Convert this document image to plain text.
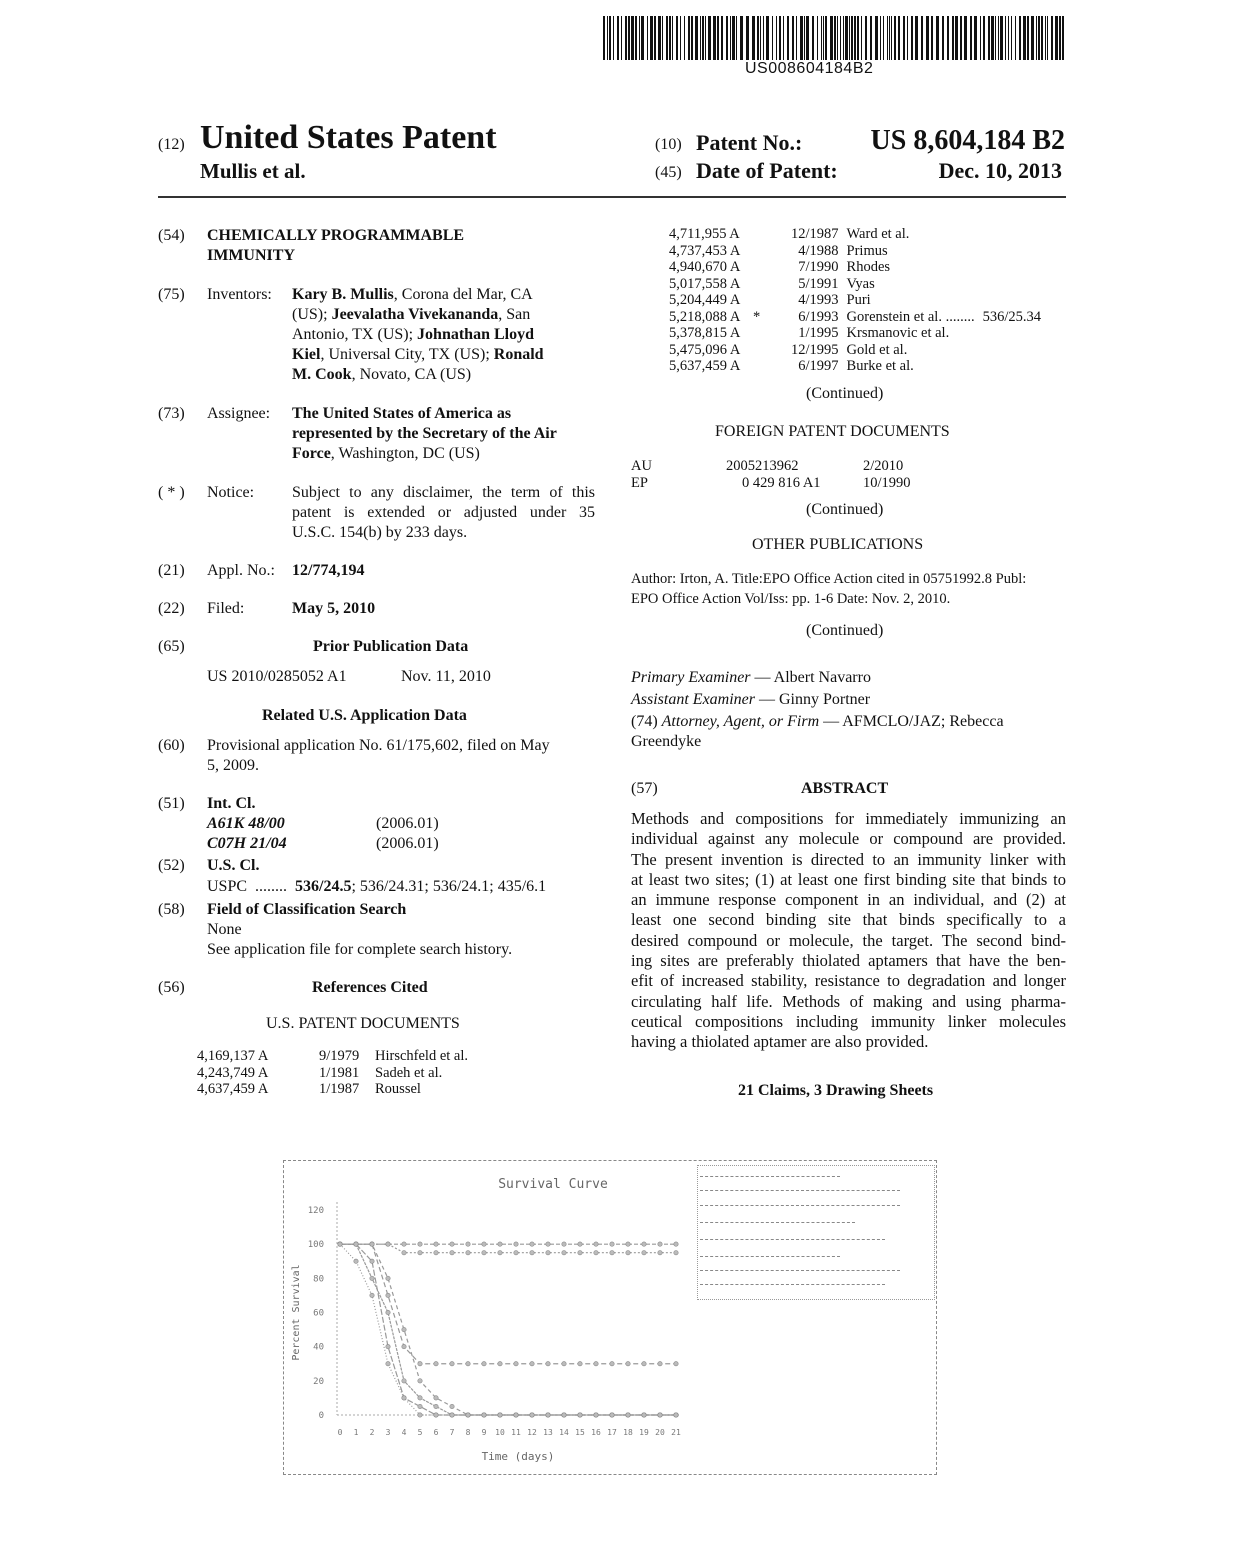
US008604184B2
(12) United States Patent
Mullis et al.
(10) Patent No.: US 8,604,184 B2
(45) Date of Patent:	Dec. 10, 2013
(54) CHEMICALLY PROGRAMMABLE
IMMUNITY
(75) Inventors: Kary B. Mullis, Corona del Mar, CA
(US); Jeevalatha Vivekananda, San
Antonio, TX (US); Johnathan Lloyd
Kiel, Universal City, TX (US); Ronald
M. Cook, Novato, CA (US)
(73) Assignee: The United States of America as
represented by the Secretary of the Air
Force, Washington, DC (US)
( * ) Notice: Subject to any disclaimer, the term of this
patent is extended or adjusted under 35
U.S.C. 154(b) by 233 days.
(21) Appl. No.: 12/774,194
(22) Filed:	May 5, 2010
(65)	Prior Publication Data
US 2010/0285052 A1	Nov. 11, 2010
Related U.S. Application Data
(60) Provisional application No. 61/175,602, filed on May
5, 2009.
(51) Int. Cl.
A61K 48/00	(2006.01)
C07H 21/04	(2006.01)
(52) U.S. Cl.
USPC ........ 536/24.5; 536/24.31; 536/24.1; 435/6.1
(58) Field of Classification Search
None
See application file for complete search history.
(56)	References Cited
U.S. PATENT DOCUMENTS
4,169,137 A	9/1979	Hirschfeld et al.
4,243,749 A	1/1981	Sadeh et al.
4,637,459 A	1/1987	Roussel
4,711,955 A		12/1987	Ward et al.	
4,737,453 A		4/1988	Primus	
4,940,670 A		7/1990	Rhodes	
5,017,558 A		5/1991	Vyas	
5,204,449 A		4/1993	Puri	
5,218,088 A	*	6/1993	Gorenstein et al. ........	536/25.34
5,378,815 A		1/1995	Krsmanovic et al.	
5,475,096 A		12/1995	Gold et al.	
5,637,459 A		6/1997	Burke et al.	
(Continued)
FOREIGN PATENT DOCUMENTS
AU	2005213962	2/2010
EP	0 429 816 A1	10/1990
(Continued)
OTHER PUBLICATIONS
Author: Irton, A. Title:EPO Office Action cited in 05751992.8 Publ:
EPO Office Action Vol/Iss: pp. 1-6 Date: Nov. 2, 2010.
(Continued)
Primary Examiner — Albert Navarro
Assistant Examiner — Ginny Portner
(74) Attorney, Agent, or Firm — AFMCLO/JAZ; Rebecca
Greendyke
(57)	ABSTRACT
Methods and compositions for immediately immunizing an
individual against any molecule or compound are provided.
The present invention is directed to an immunity linker with
at least two sites; (1) at least one first binding site that binds to
an immune response component in an individual, and (2) at
least one second binding site that binds specifically to a
desired compound or molecule, the target. The second bind-
ing sites are preferably thiolated aptamers that have the ben-
efit of increased stability, resistance to degradation and longer
circulating half life. Methods of making and using pharma-
ceutical compositions including immunity linker molecules
having a thiolated aptamer are also provided.
21 Claims, 3 Drawing Sheets
Survival Curve
Percent Survival
Time (days)
0
20
40
60
80
100
120
0 1 2 3 4 5 6 7 8 9 10 11 12 13 14 15 16 17 18 19 20 21
